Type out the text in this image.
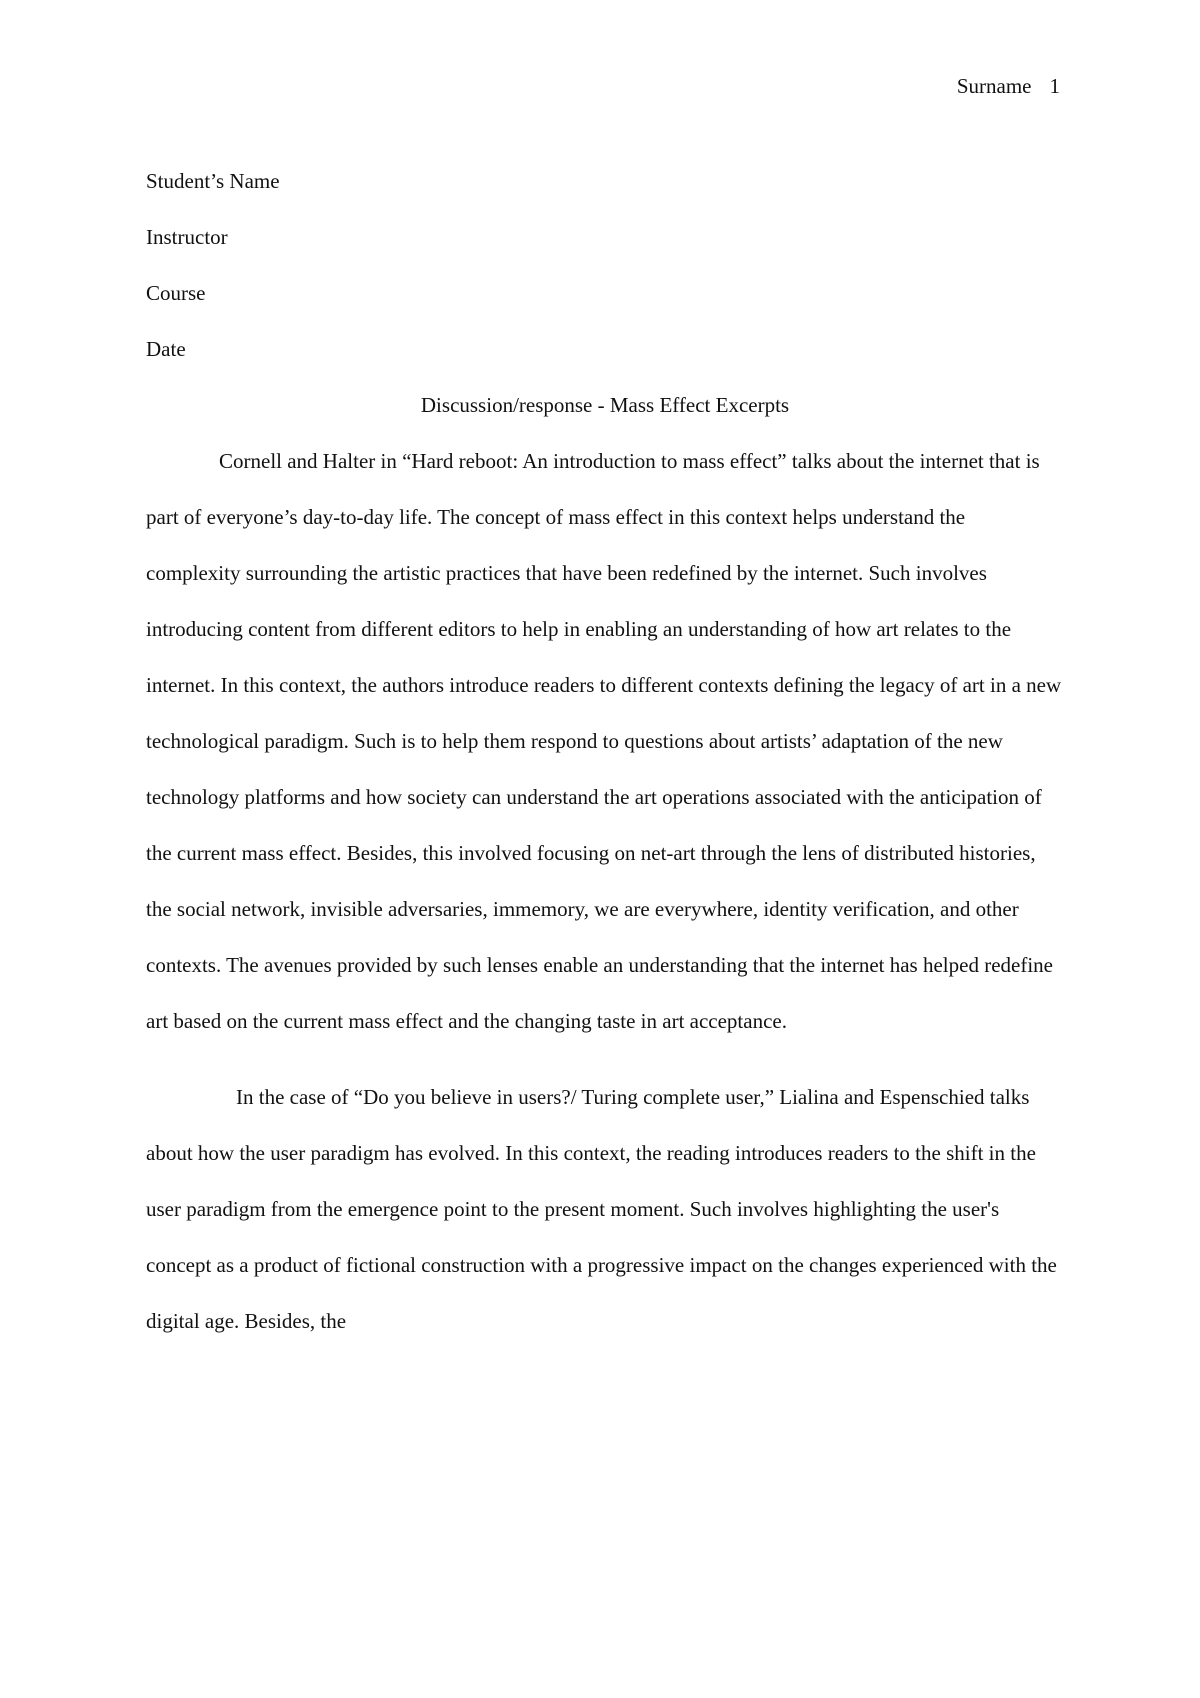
Surname 1
Student’s Name
Instructor
Course
Date
Discussion/response - Mass Effect Excerpts

Cornell and Halter in “Hard reboot: An introduction to mass effect” talks about the internet that is part of everyone’s day-to-day life. The concept of mass effect in this context helps understand the complexity surrounding the artistic practices that have been redefined by the internet. Such involves introducing content from different editors to help in enabling an understanding of how art relates to the internet. In this context, the authors introduce readers to different contexts defining the legacy of art in a new technological paradigm. Such is to help them respond to questions about artists’ adaptation of the new technology platforms and how society can understand the art operations associated with the anticipation of the current mass effect. Besides, this involved focusing on net-art through the lens of distributed histories, the social network, invisible adversaries, immemory, we are everywhere, identity verification, and other contexts. The avenues provided by such lenses enable an understanding that the internet has helped redefine art based on the current mass effect and the changing taste in art acceptance.

In the case of “Do you believe in users?/ Turing complete user,” Lialina and Espenschied talks about how the user paradigm has evolved. In this context, the reading introduces readers to the shift in the user paradigm from the emergence point to the present moment. Such involves highlighting the user's concept as a product of fictional construction with a progressive impact on the changes experienced with the digital age. Besides, the
